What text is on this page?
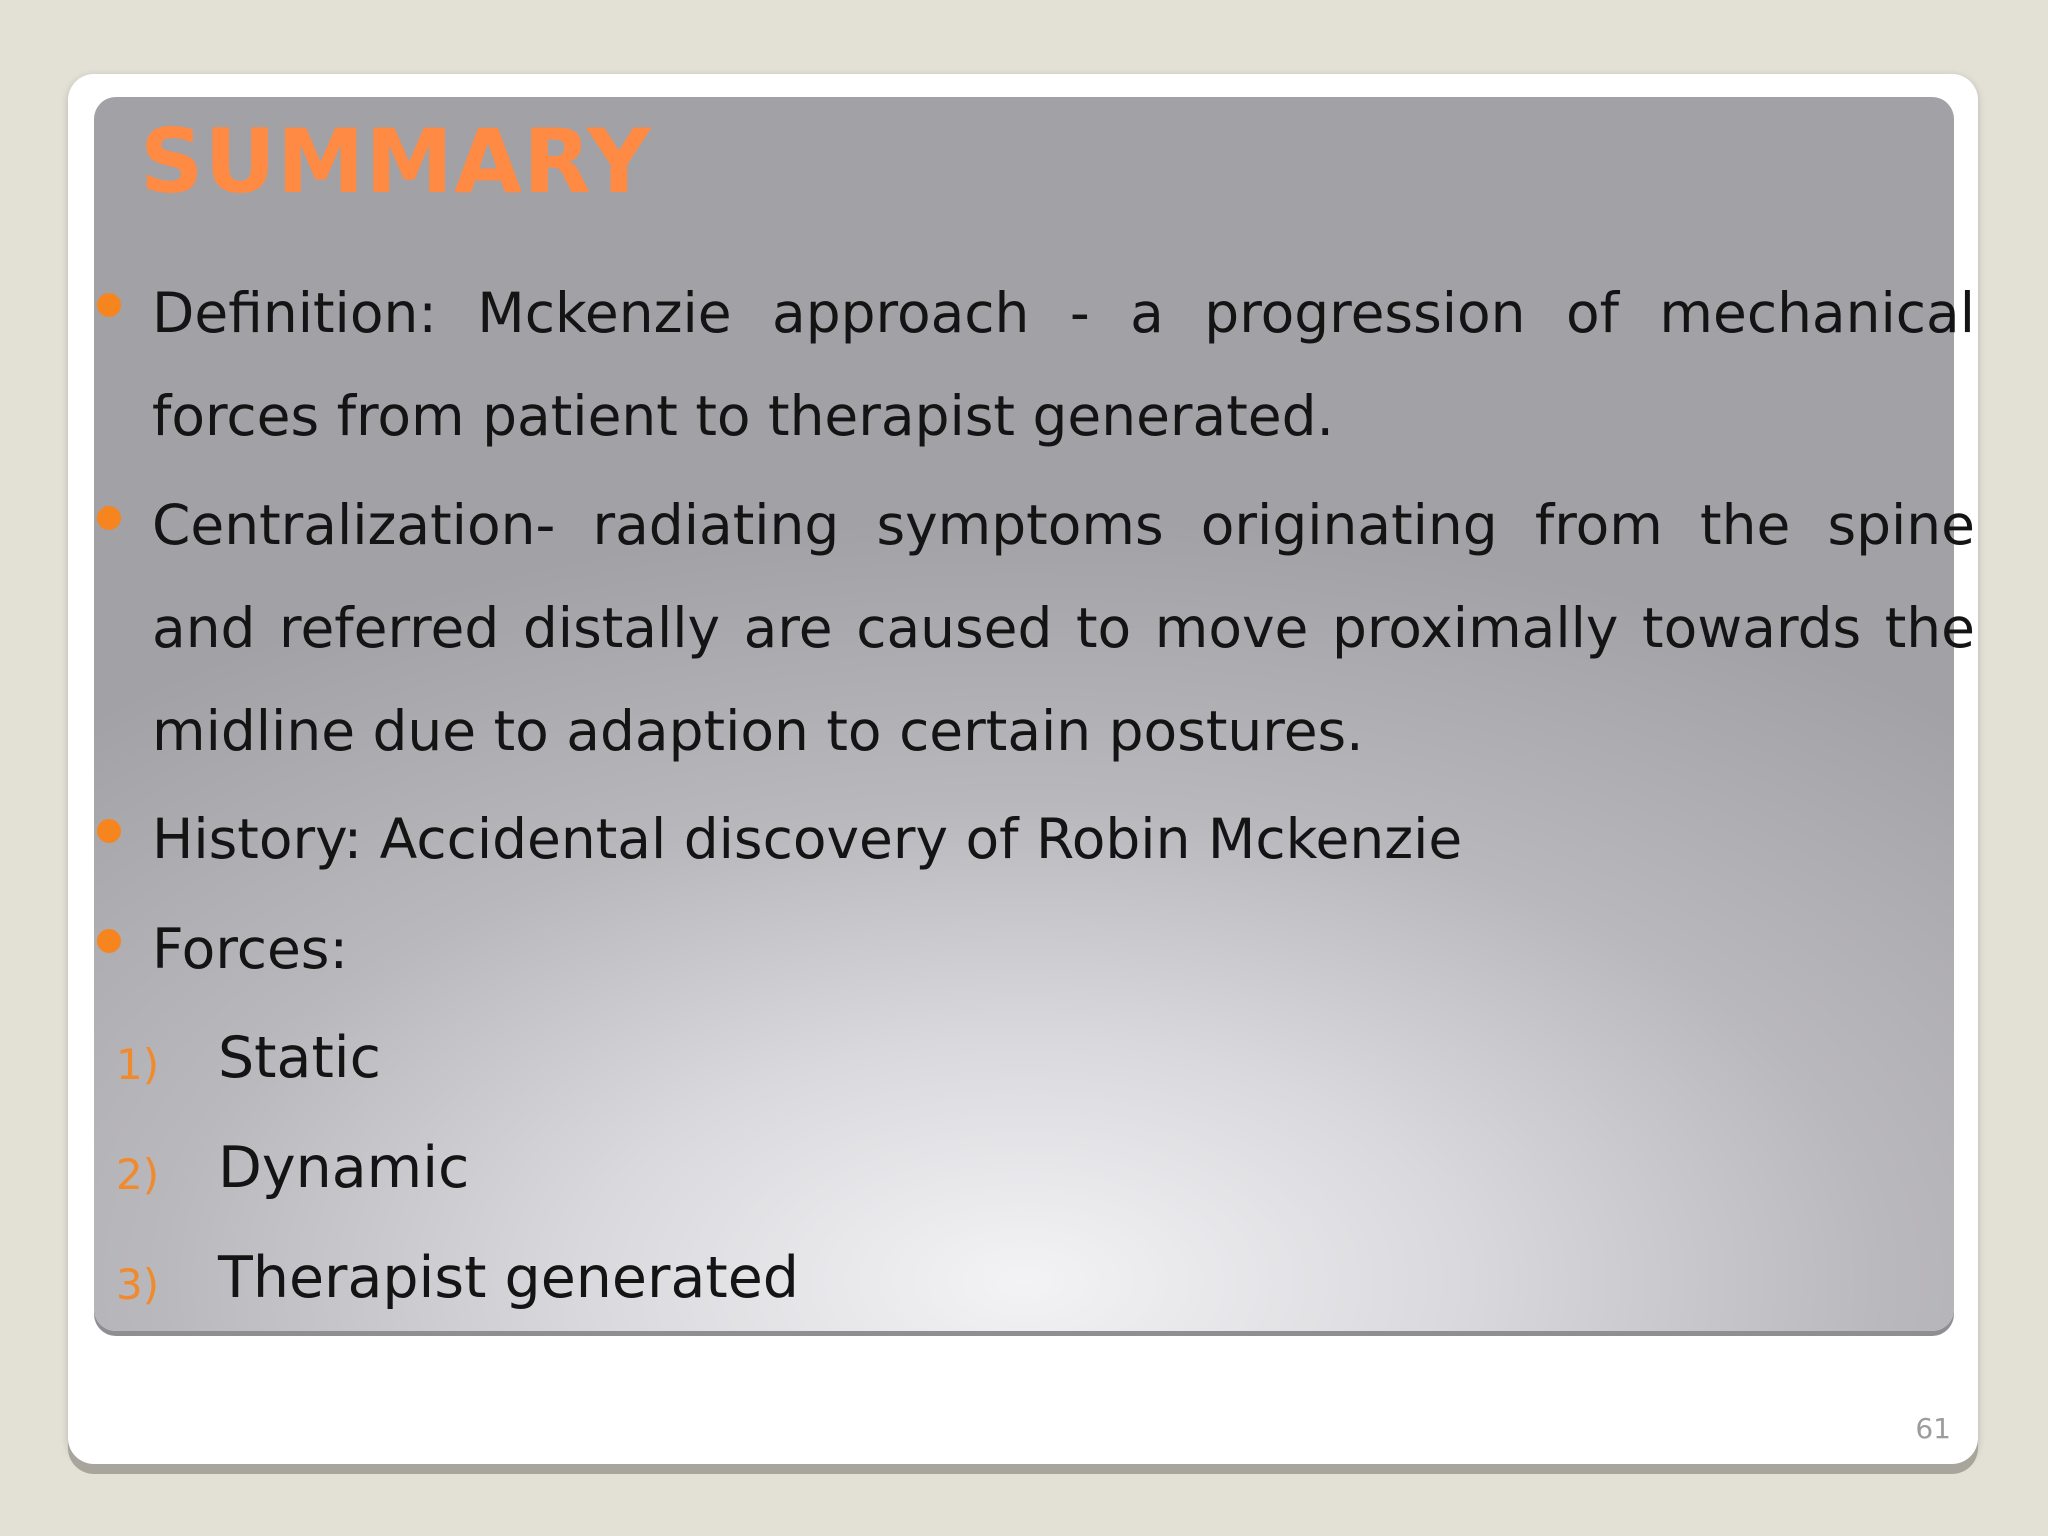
SUMMARY

Definition: Mckenzie approach - a progression of mechanical forces from patient to therapist generated.

Centralization- radiating symptoms originating from the spine and referred distally are caused to move proximally towards the midline due to adaption to certain postures.

History: Accidental discovery of Robin Mckenzie

Forces:

1) Static
2) Dynamic
3) Therapist generated
61
